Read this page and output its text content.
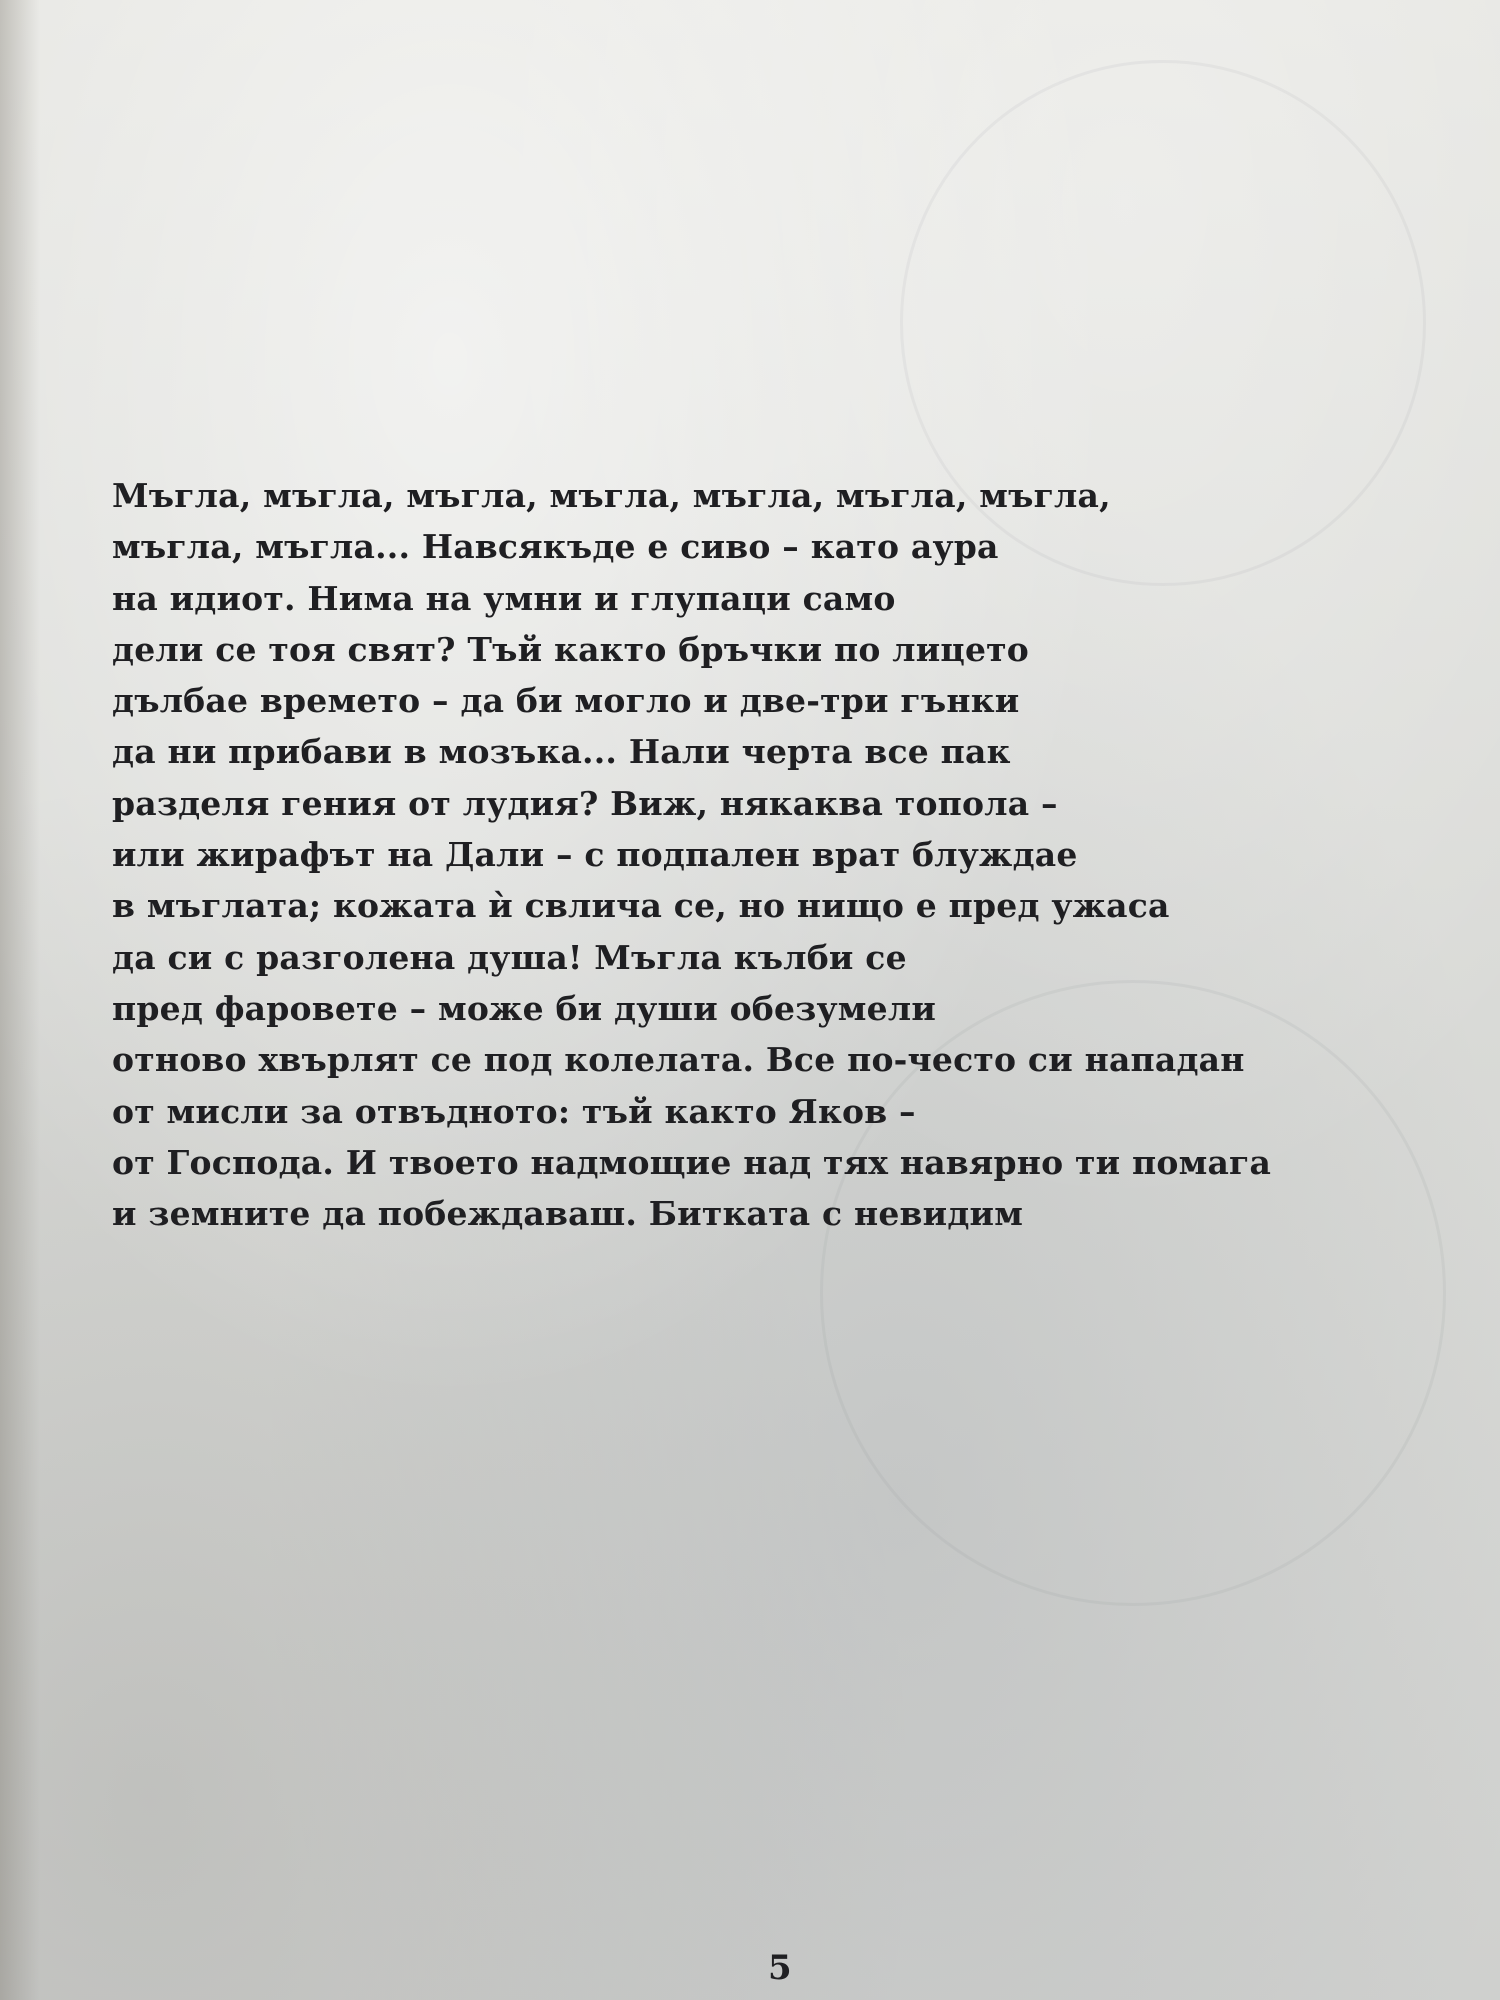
Мъгла, мъгла, мъгла, мъгла, мъгла, мъгла, мъгла,
мъгла, мъгла... Навсякъде е сиво – като аура
на идиот. Нима на умни и глупаци само
дели се тоя свят? Тъй както бръчки по лицето
дълбае времето – да би могло и две-три гънки
да ни прибави в мозъка... Нали черта все пак
разделя гения от лудия? Виж, някаква топола –
или жирафът на Дали – с подпален врат блуждае
в мъглата; кожата ѝ свлича се, но нищо е пред ужаса
да си с разголена душа! Мъгла кълби се
пред фаровете – може би души обезумели
отново хвърлят се под колелата. Все по-често си нападан
от мисли за отвъдното: тъй както Яков –
от Господа. И твоето надмощие над тях навярно ти помага
и земните да побеждаваш. Битката с невидим
5
